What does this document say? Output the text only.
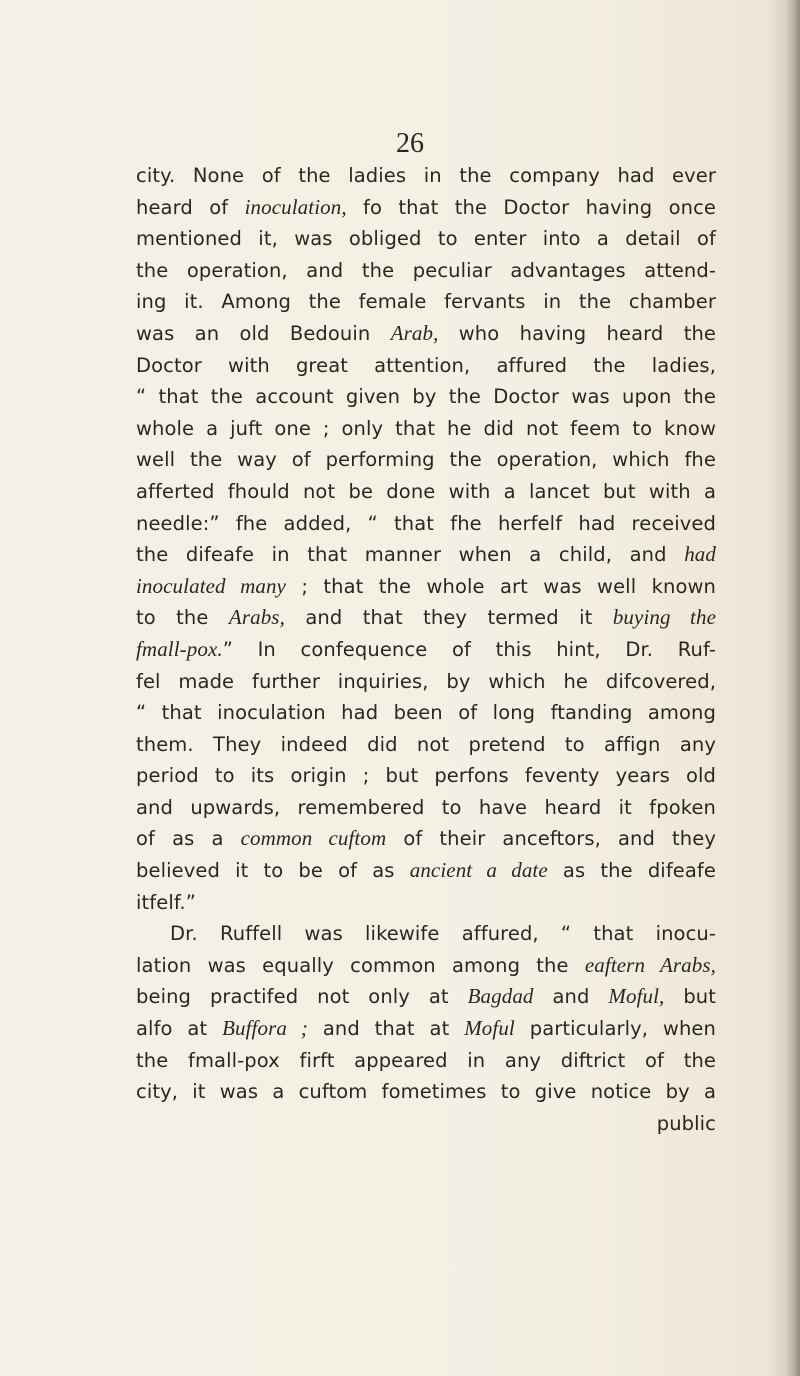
26
city. None of the ladies in the company had ever
heard of inoculation, fo that the Doctor having once
mentioned it, was obliged to enter into a detail of
the operation, and the peculiar advantages attend-
ing it. Among the female fervants in the chamber
was an old Bedouin Arab, who having heard the
Doctor with great attention, affured the ladies,
“ that the account given by the Doctor was upon the
whole a juft one ; only that he did not feem to know
well the way of performing the operation, which fhe
afferted fhould not be done with a lancet but with a
needle:” fhe added, “ that fhe herfelf had received
the difeafe in that manner when a child, and had
inoculated many ; that the whole art was well known
to the Arabs, and that they termed it buying the
fmall-pox.” In confequence of this hint, Dr. Ruf-
fel made further inquiries, by which he difcovered,
“ that inoculation had been of long ftanding among
them. They indeed did not pretend to affign any
period to its origin ; but perfons feventy years old
and upwards, remembered to have heard it fpoken
of as a common cuftom of their anceftors, and they
believed it to be of as ancient a date as the difeafe
itfelf.”
Dr. Ruffell was likewife affured, “ that inocu-
lation was equally common among the eaftern Arabs,
being practifed not only at Bagdad and Moful, but
alfo at Buffora ; and that at Moful particularly, when
the fmall-pox firft appeared in any diftrict of the
city, it was a cuftom fometimes to give notice by a
public
